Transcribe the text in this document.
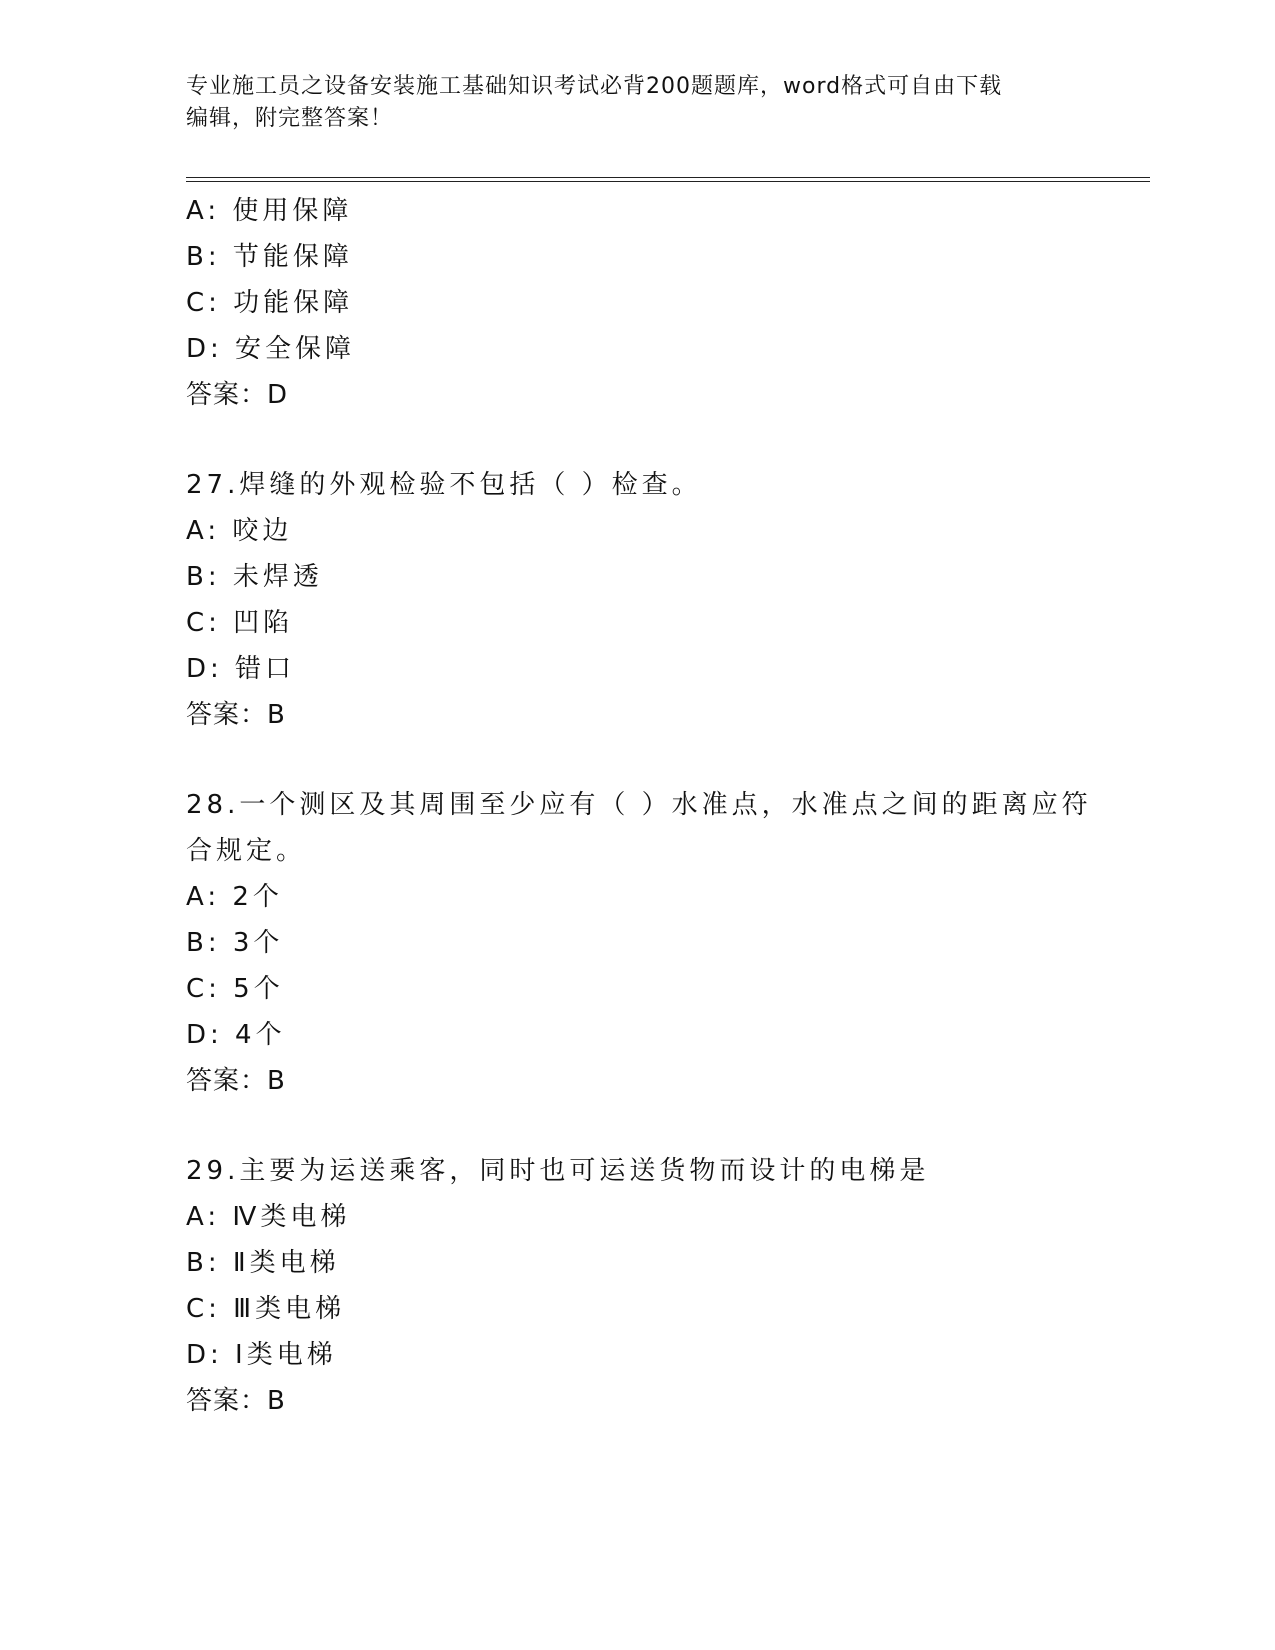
专业施工员之设备安装施工基础知识考试必背200题题库，word格式可自由下载
编辑，附完整答案！
A: 使用保障
B: 节能保障
C: 功能保障
D: 安全保障
答案：D
27.焊缝的外观检验不包括（ ）检查。
A: 咬边
B: 未焊透
C: 凹陷
D: 错口
答案：B
28.一个测区及其周围至少应有（ ）水准点，水准点之间的距离应符
合规定。
A: 2个
B: 3个
C: 5个
D: 4个
答案：B
29.主要为运送乘客，同时也可运送货物而设计的电梯是
A: Ⅳ类电梯
B: Ⅱ类电梯
C: Ⅲ类电梯
D: Ⅰ类电梯
答案：B
